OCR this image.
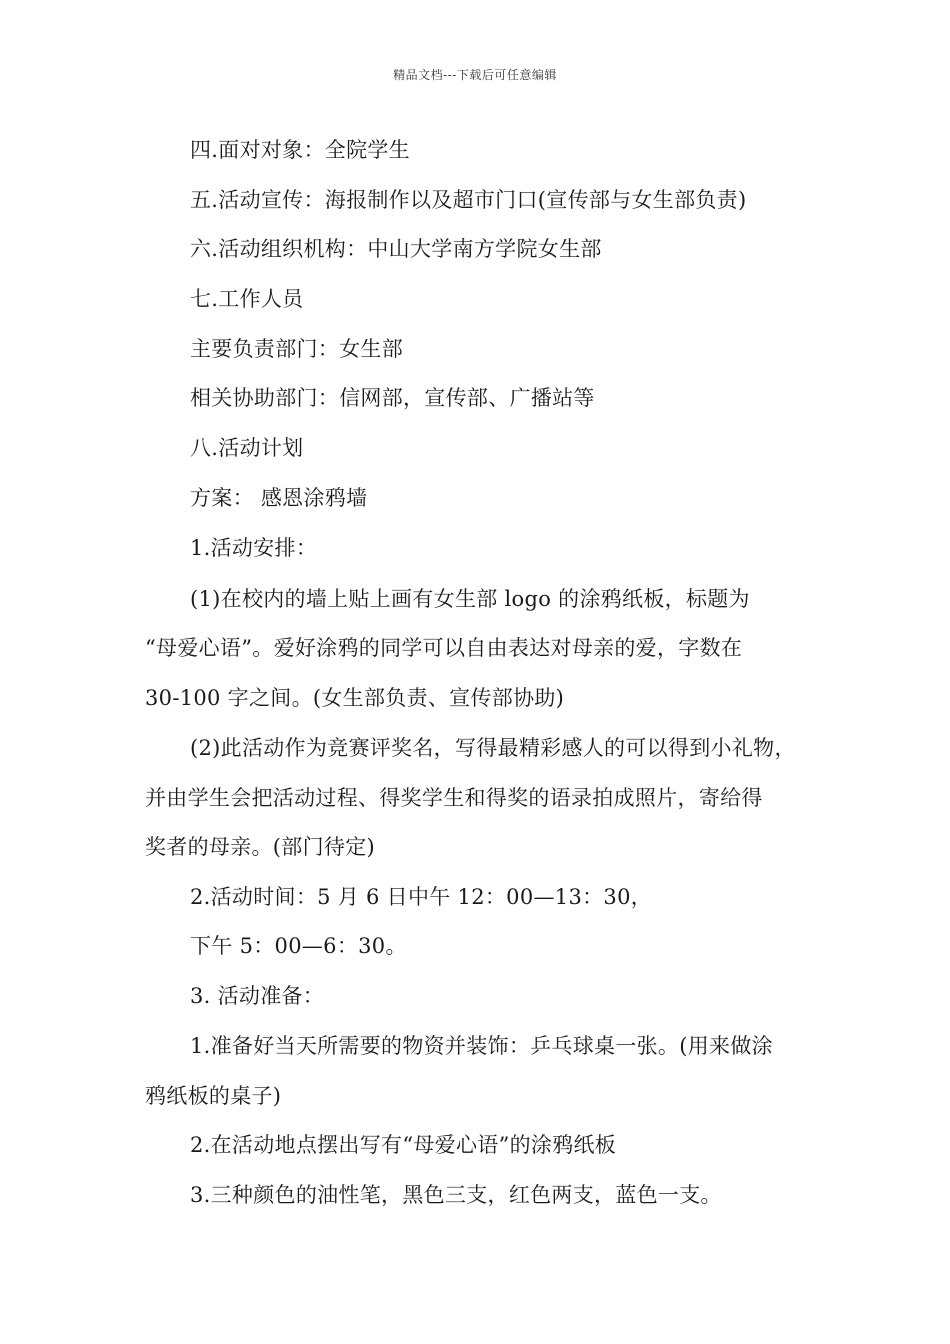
精品文档---下载后可任意编辑
四.面对对象：全院学生
五.活动宣传：海报制作以及超市门口(宣传部与女生部负责)
六.活动组织机构：中山大学南方学院女生部
七.工作人员
主要负责部门：女生部
相关协助部门：信网部，宣传部、广播站等
八.活动计划
方案： 感恩涂鸦墙
1.活动安排：
(1)在校内的墙上贴上画有女生部 logo 的涂鸦纸板，标题为
“母爱心语”。爱好涂鸦的同学可以自由表达对母亲的爱，字数在
30-100 字之间。(女生部负责、宣传部协助)
(2)此活动作为竞赛评奖名，写得最精彩感人的可以得到小礼物，
并由学生会把活动过程、得奖学生和得奖的语录拍成照片，寄给得
奖者的母亲。(部门待定)
2.活动时间：5 月 6 日中午 12：00—13：30，
下午 5：00—6：30。
3. 活动准备：
1.准备好当天所需要的物资并装饰：乒乓球桌一张。(用来做涂
鸦纸板的桌子)
2.在活动地点摆出写有“母爱心语”的涂鸦纸板
3.三种颜色的油性笔，黑色三支，红色两支，蓝色一支。
